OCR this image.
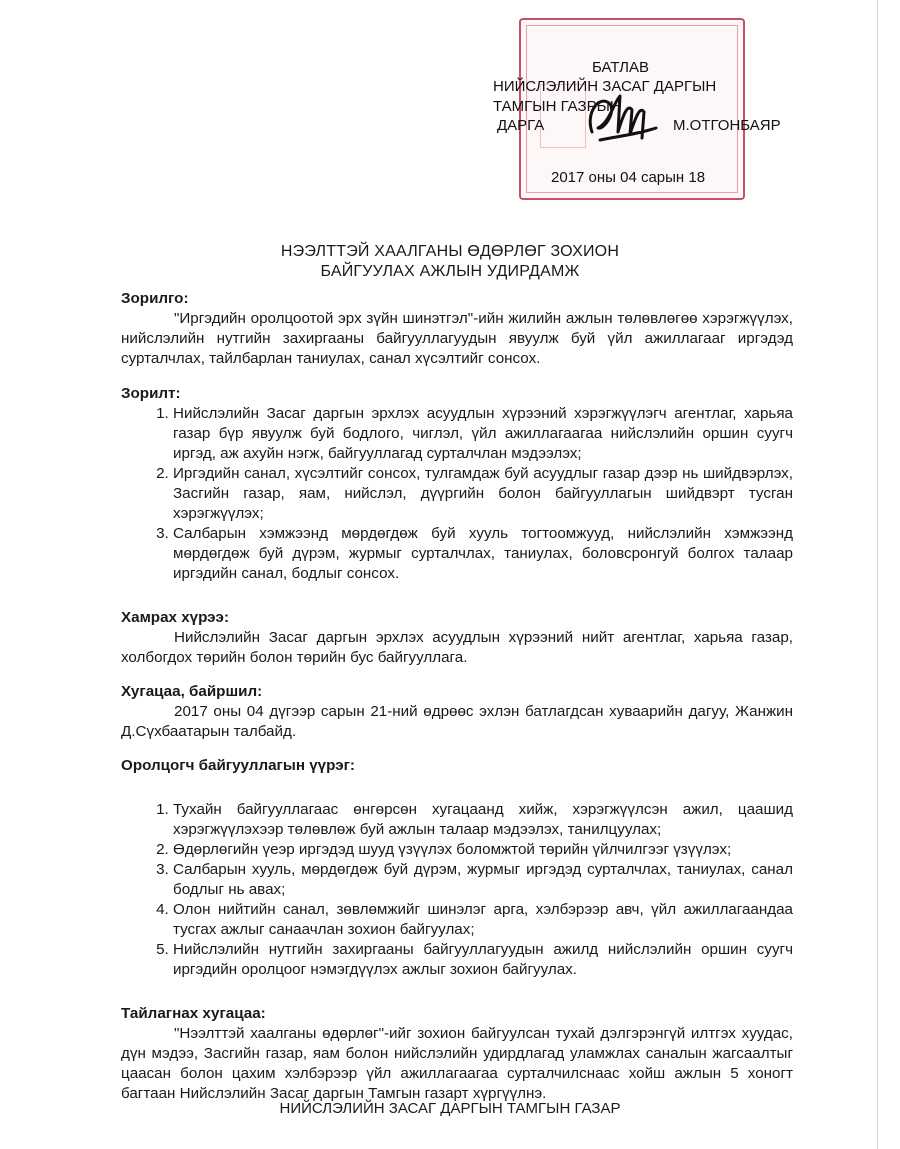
БАТЛАВ
НИЙСЛЭЛИЙН ЗАСАГ ДАРГЫН
ТАМГЫН ГАЗРЫН
ДАРГА	М.ОТГОНБАЯР
2017 оны 04 сарын 18
НЭЭЛТТЭЙ ХААЛГАНЫ ӨДӨРЛӨГ ЗОХИОН
БАЙГУУЛАХ АЖЛЫН УДИРДАМЖ
Зорилго:
"Иргэдийн оролцоотой эрх зүйн шинэтгэл"-ийн жилийн ажлын төлөвлөгөө хэрэгжүүлэх, нийслэлийн нутгийн захиргааны байгууллагуудын явуулж буй үйл ажиллагааг иргэдэд сурталчлах, тайлбарлан таниулах, санал хүсэлтийг сонсох.
Зорилт:
1. Нийслэлийн Засаг даргын эрхлэх асуудлын хүрээний хэрэгжүүлэгч агентлаг, харьяа газар бүр явуулж буй бодлого, чиглэл, үйл ажиллагаагаа нийслэлийн оршин суугч иргэд, аж ахуйн нэгж, байгууллагад сурталчлан мэдээлэх;
2. Иргэдийн санал, хүсэлтийг сонсох, тулгамдаж буй асуудлыг газар дээр нь шийдвэрлэх, Засгийн газар, яам, нийслэл, дүүргийн болон байгууллагын шийдвэрт тусган хэрэгжүүлэх;
3. Салбарын хэмжээнд мөрдөгдөж буй хууль тогтоомжууд, нийслэлийн хэмжээнд мөрдөгдөж буй дүрэм, журмыг сурталчлах, таниулах, боловсронгуй болгох талаар иргэдийн санал, бодлыг сонсох.
Хамрах хүрээ:
Нийслэлийн Засаг даргын эрхлэх асуудлын хүрээний нийт агентлаг, харьяа газар, холбогдох төрийн болон төрийн бус байгууллага.
Хугацаа, байршил:
2017 оны 04 дүгээр сарын 21-ний өдрөөс эхлэн батлагдсан хуваарийн дагуу, Жанжин Д.Сүхбаатарын талбайд.
Оролцогч байгууллагын үүрэг:
1. Тухайн байгууллагаас өнгөрсөн хугацаанд хийж, хэрэгжүүлсэн ажил, цаашид хэрэгжүүлэхээр төлөвлөж буй ажлын талаар мэдээлэх, танилцуулах;
2. Өдөрлөгийн үеэр иргэдэд шууд үзүүлэх боломжтой төрийн үйлчилгээг үзүүлэх;
3. Салбарын хууль, мөрдөгдөж буй дүрэм, журмыг иргэдэд сурталчлах, таниулах, санал бодлыг нь авах;
4. Олон нийтийн санал, зөвлөмжийг шинэлэг арга, хэлбэрээр авч, үйл ажиллагаандаа тусгах ажлыг санаачлан зохион байгуулах;
5. Нийслэлийн нутгийн захиргааны байгууллагуудын ажилд нийслэлийн оршин суугч иргэдийн оролцоог нэмэгдүүлэх ажлыг зохион байгуулах.
Тайлагнах хугацаа:
"Нээлттэй хаалганы өдөрлөг"-ийг зохион байгуулсан тухай дэлгэрэнгүй илтгэх хуудас, дүн мэдээ, Засгийн газар, яам болон нийслэлийн удирдлагад уламжлах саналын жагсаалтыг цаасан болон цахим хэлбэрээр үйл ажиллагаагаа сурталчилснаас хойш ажлын 5 хоногт багтаан Нийслэлийн Засаг даргын Тамгын газарт хүргүүлнэ.
НИЙСЛЭЛИЙН ЗАСАГ ДАРГЫН ТАМГЫН ГАЗАР
